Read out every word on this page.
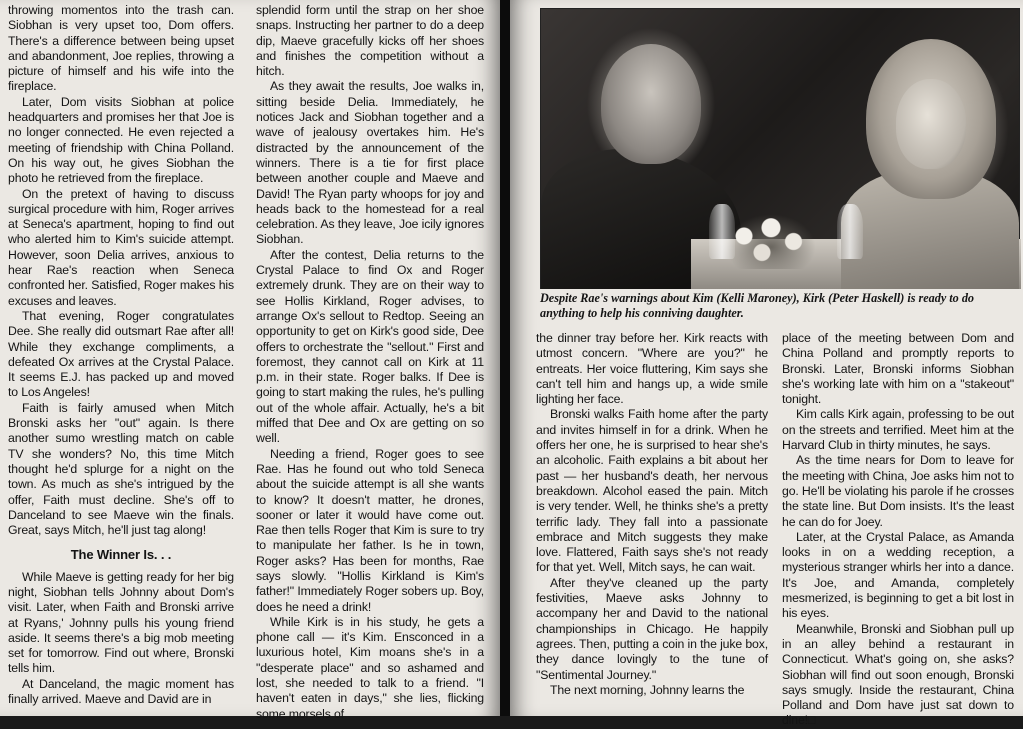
throwing momentos into the trash can. Siobhan is very upset too, Dom offers. There's a difference between being upset and abandonment, Joe replies, throwing a picture of himself and his wife into the fireplace.

Later, Dom visits Siobhan at police headquarters and promises her that Joe is no longer connected. He even rejected a meeting of friendship with China Polland. On his way out, he gives Siobhan the photo he retrieved from the fireplace.

On the pretext of having to discuss surgical procedure with him, Roger arrives at Seneca's apartment, hoping to find out who alerted him to Kim's suicide attempt. However, soon Delia arrives, anxious to hear Rae's reaction when Seneca confronted her. Satisfied, Roger makes his excuses and leaves.

That evening, Roger congratulates Dee. She really did outsmart Rae after all! While they exchange compliments, a defeated Ox arrives at the Crystal Palace. It seems E.J. has packed up and moved to Los Angeles!

Faith is fairly amused when Mitch Bronski asks her "out" again. Is there another sumo wrestling match on cable TV she wonders? No, this time Mitch thought he'd splurge for a night on the town. As much as she's intrigued by the offer, Faith must decline. She's off to Danceland to see Maeve win the finals. Great, says Mitch, he'll just tag along!

The Winner Is. . .

While Maeve is getting ready for her big night, Siobhan tells Johnny about Dom's visit. Later, when Faith and Bronski arrive at Ryans,' Johnny pulls his young friend aside. It seems there's a big mob meeting set for tomorrow. Find out where, Bronski tells him.

At Danceland, the magic moment has finally arrived. Maeve and David are in

splendid form until the strap on her shoe snaps. Instructing her partner to do a deep dip, Maeve gracefully kicks off her shoes and finishes the competition without a hitch.

As they await the results, Joe walks in, sitting beside Delia. Immediately, he notices Jack and Siobhan together and a wave of jealousy overtakes him. He's distracted by the announcement of the winners. There is a tie for first place between another couple and Maeve and David! The Ryan party whoops for joy and heads back to the homestead for a real celebration. As they leave, Joe icily ignores Siobhan.

After the contest, Delia returns to the Crystal Palace to find Ox and Roger extremely drunk. They are on their way to see Hollis Kirkland, Roger advises, to arrange Ox's sellout to Redtop. Seeing an opportunity to get on Kirk's good side, Dee offers to orchestrate the "sellout." First and foremost, they cannot call on Kirk at 11 p.m. in their state. Roger balks. If Dee is going to start making the rules, he's pulling out of the whole affair. Actually, he's a bit miffed that Dee and Ox are getting on so well.

Needing a friend, Roger goes to see Rae. Has he found out who told Seneca about the suicide attempt is all she wants to know? It doesn't matter, he drones, sooner or later it would have come out. Rae then tells Roger that Kim is sure to try to manipulate her father. Is he in town, Roger asks? Has been for months, Rae says slowly. "Hollis Kirkland is Kim's father!" Immediately Roger sobers up. Boy, does he need a drink!

While Kirk is in his study, he gets a phone call — it's Kim. Ensconced in a luxurious hotel, Kim moans she's in a "desperate place" and so ashamed and lost, she needed to talk to a friend. "I haven't eaten in days," she lies, flicking some morsels of

Despite Rae's warnings about Kim (Kelli Maroney), Kirk (Peter Haskell) is ready to do anything to help his conniving daughter.

the dinner tray before her. Kirk reacts with utmost concern. "Where are you?" he entreats. Her voice fluttering, Kim says she can't tell him and hangs up, a wide smile lighting her face.

Bronski walks Faith home after the party and invites himself in for a drink. When he offers her one, he is surprised to hear she's an alcoholic. Faith explains a bit about her past — her husband's death, her nervous breakdown. Alcohol eased the pain. Mitch is very tender. Well, he thinks she's a pretty terrific lady. They fall into a passionate embrace and Mitch suggests they make love. Flattered, Faith says she's not ready for that yet. Well, Mitch says, he can wait.

After they've cleaned up the party festivities, Maeve asks Johnny to accompany her and David to the national championships in Chicago. He happily agrees. Then, putting a coin in the juke box, they dance lovingly to the tune of "Sentimental Journey."

The next morning, Johnny learns the

place of the meeting between Dom and China Polland and promptly reports to Bronski. Later, Bronski informs Siobhan she's working late with him on a "stakeout" tonight.

Kim calls Kirk again, professing to be out on the streets and terrified. Meet him at the Harvard Club in thirty minutes, he says.

As the time nears for Dom to leave for the meeting with China, Joe asks him not to go. He'll be violating his parole if he crosses the state line. But Dom insists. It's the least he can do for Joey.

Later, at the Crystal Palace, as Amanda looks in on a wedding reception, a mysterious stranger whirls her into a dance. It's Joe, and Amanda, completely mesmerized, is beginning to get a bit lost in his eyes.

Meanwhile, Bronski and Siobhan pull up in an alley behind a restaurant in Connecticut. What's going on, she asks? Siobhan will find out soon enough, Bronski says smugly. Inside the restaurant, China Polland and Dom have just sat down to dine!□
